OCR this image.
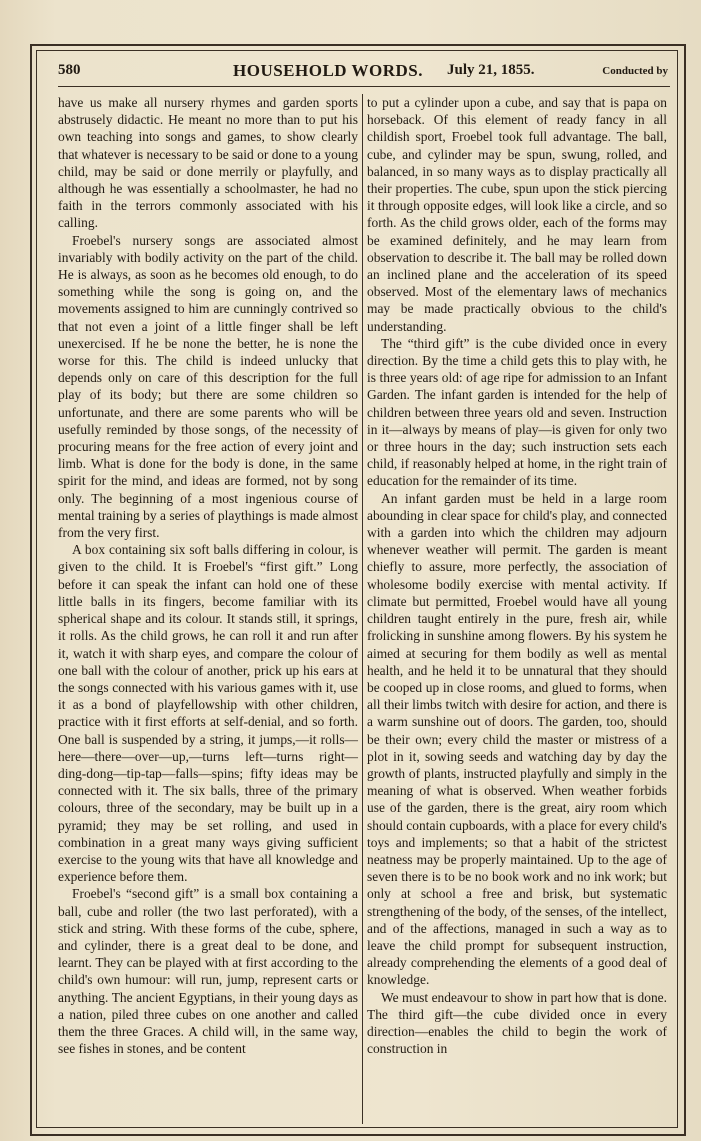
580	HOUSEHOLD WORDS. July 21, 1855.	Conducted by

have us make all nursery rhymes and garden sports abstrusely didactic. He meant no more than to put his own teaching into songs and games, to show clearly that whatever is necessary to be said or done to a young child, may be said or done merrily or playfully, and although he was essentially a schoolmaster, he had no faith in the terrors commonly associated with his calling.

Froebel's nursery songs are associated almost invariably with bodily activity on the part of the child. He is always, as soon as he becomes old enough, to do something while the song is going on, and the movements assigned to him are cunningly contrived so that not even a joint of a little finger shall be left unexercised. If he be none the better, he is none the worse for this. The child is indeed unlucky that depends only on care of this description for the full play of its body; but there are some children so unfortunate, and there are some parents who will be usefully reminded by those songs, of the necessity of procuring means for the free action of every joint and limb. What is done for the body is done, in the same spirit for the mind, and ideas are formed, not by song only. The beginning of a most ingenious course of mental training by a series of playthings is made almost from the very first.

A box containing six soft balls differing in colour, is given to the child. It is Froebel's “first gift.” Long before it can speak the infant can hold one of these little balls in its fingers, become familiar with its spherical shape and its colour. It stands still, it springs, it rolls. As the child grows, he can roll it and run after it, watch it with sharp eyes, and compare the colour of one ball with the colour of another, prick up his ears at the songs connected with his various games with it, use it as a bond of playfellowship with other children, practice with it first efforts at self-denial, and so forth. One ball is suspended by a string, it jumps,—it rolls—here—there—over—up,—turns left—turns right—ding-dong—tip-tap—falls—spins; fifty ideas may be connected with it. The six balls, three of the primary colours, three of the secondary, may be built up in a pyramid; they may be set rolling, and used in combination in a great many ways giving sufficient exercise to the young wits that have all knowledge and experience before them.

Froebel's “second gift” is a small box containing a ball, cube and roller (the two last perforated), with a stick and string. With these forms of the cube, sphere, and cylinder, there is a great deal to be done, and learnt. They can be played with at first according to the child's own humour: will run, jump, represent carts or anything. The ancient Egyptians, in their young days as a nation, piled three cubes on one another and called them the three Graces. A child will, in the same way, see fishes in stones, and be content

to put a cylinder upon a cube, and say that is papa on horseback. Of this element of ready fancy in all childish sport, Froebel took full advantage. The ball, cube, and cylinder may be spun, swung, rolled, and balanced, in so many ways as to display practically all their properties. The cube, spun upon the stick piercing it through opposite edges, will look like a circle, and so forth. As the child grows older, each of the forms may be examined definitely, and he may learn from observation to describe it. The ball may be rolled down an inclined plane and the acceleration of its speed observed. Most of the elementary laws of mechanics may be made practically obvious to the child's understanding.

The “third gift” is the cube divided once in every direction. By the time a child gets this to play with, he is three years old: of age ripe for admission to an Infant Garden. The infant garden is intended for the help of children between three years old and seven. Instruction in it—always by means of play—is given for only two or three hours in the day; such instruction sets each child, if reasonably helped at home, in the right train of education for the remainder of its time.

An infant garden must be held in a large room abounding in clear space for child's play, and connected with a garden into which the children may adjourn whenever weather will permit. The garden is meant chiefly to assure, more perfectly, the association of wholesome bodily exercise with mental activity. If climate but permitted, Froebel would have all young children taught entirely in the pure, fresh air, while frolicking in sunshine among flowers. By his system he aimed at securing for them bodily as well as mental health, and he held it to be unnatural that they should be cooped up in close rooms, and glued to forms, when all their limbs twitch with desire for action, and there is a warm sunshine out of doors. The garden, too, should be their own; every child the master or mistress of a plot in it, sowing seeds and watching day by day the growth of plants, instructed playfully and simply in the meaning of what is observed. When weather forbids use of the garden, there is the great, airy room which should contain cupboards, with a place for every child's toys and implements; so that a habit of the strictest neatness may be properly maintained. Up to the age of seven there is to be no book work and no ink work; but only at school a free and brisk, but systematic strengthening of the body, of the senses, of the intellect, and of the affections, managed in such a way as to leave the child prompt for subsequent instruction, already comprehending the elements of a good deal of knowledge.

We must endeavour to show in part how that is done. The third gift—the cube divided once in every direction—enables the child to begin the work of construction in
